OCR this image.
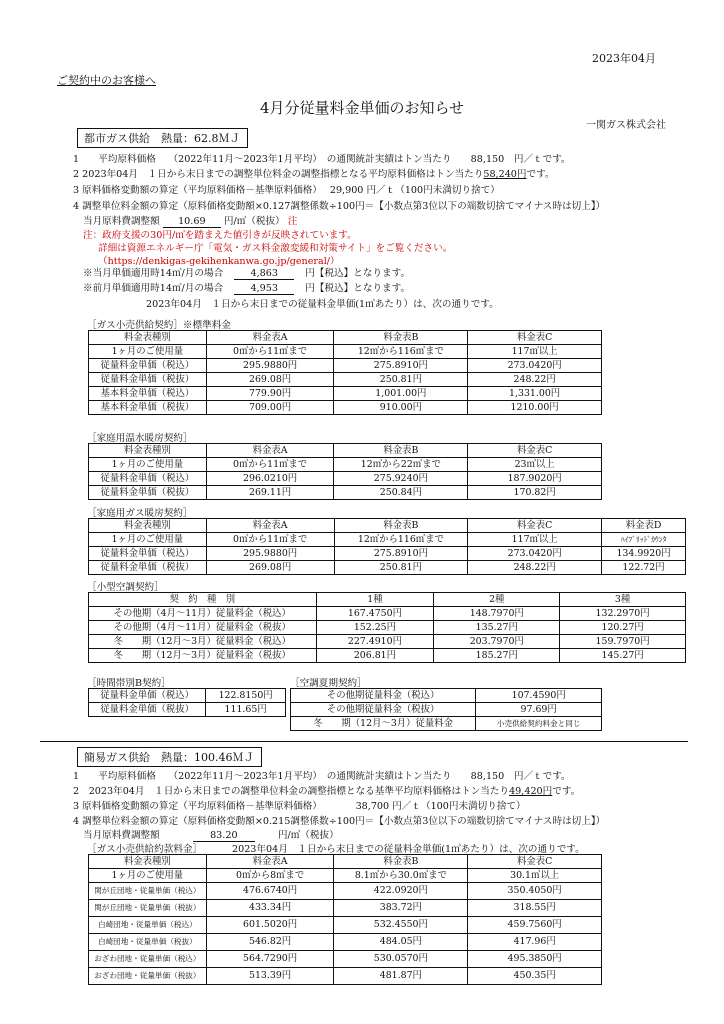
2023年04月
ご契約中のお客様へ
4月分従量料金単価のお知らせ
一関ガス株式会社
都市ガス供給　熱量：62.8ＭＪ
1　　平均原料価格　 （2022年11月～2023年1月平均）　の通関統計実績はトン当たり　　88,150　円／ｔです。
2 2023年04月　１日から末日までの調整単位料金の調整指標となる平均原料価格はトン当たり58,240円です。
3 原料価格変動額の算定（平均原料価格－基準原料価格）　 29,900 円／ｔ（100円未満切り捨て）
4 調整単位料金額の算定（原料価格変動額×0.127調整係数÷100円＝【小数点第3位以下の端数切捨てマイナス時は切上】）
当月原料費調整額 10.69 円/㎥（税抜） 注
注：政府支援の30円/㎥を踏まえた値引きが反映されています。
詳細は資源エネルギー庁「電気・ガス料金激変緩和対策サイト」をご覧ください。
（https://denkigas-gekihenkanwa.go.jp/general/）
※当月単価適用時14㎥/月の場合	4,863	円【税込】となります。
※前月単価適用時14㎥/月の場合	4,953	円【税込】となります。
2023年04月　１日から末日までの従量料金単価(1㎥あたり）は、次の通りです。
［ガス小売供給契約］※標準料金
料金表種別	料金表A	料金表B	料金表C
1ヶ月のご使用量	0㎥から11㎥まで	12㎥から116㎥まで	117㎥以上
従量料金単価（税込）	295.9880円	275.8910円	273.0420円
従量料金単価（税抜）	269.08円	250.81円	248.22円
基本料金単価（税込）	779.90円	1,001.00円	1,331.00円
基本料金単価（税抜）	709.00円	910.00円	1210.00円
［家庭用温水暖房契約］
料金表種別	料金表A	料金表B	料金表C
1ヶ月のご使用量	0㎥から11㎥まで	12㎥から22㎥まで	23㎥以上
従量料金単価（税込）	296.0210円	275.9240円	187.9020円
従量料金単価（税抜）	269.11円	250.84円	170.82円
［家庭用ガス暖房契約］
料金表種別	料金表A	料金表B	料金表C	料金表D
1ヶ月のご使用量	0㎥から11㎥まで	12㎥から116㎥まで	117㎥以上	ﾊｲﾌﾞﾘｯﾄﾞｶｳﾝﾀ
従量料金単価（税込）	295.9880円	275.8910円	273.0420円	134.9920円
従量料金単価（税抜）	269.08円	250.81円	248.22円	122.72円
［小型空調契約］
契　約　種　別	1種	2種	3種
その他期（4月～11月）従量料金（税込）	167.4750円	148.7970円	132.2970円
その他期（4月～11月）従量料金（税抜）	152.25円	135.27円	120.27円
冬　　期（12月～3月）従量料金（税込）	227.4910円	203.7970円	159.7970円
冬　　期（12月～3月）従量料金（税抜）	206.81円	185.27円	145.27円
［時間帯別B契約］
従量料金単価（税込）	122.8150円
従量料金単価（税抜）	111.65円
［空調夏期契約］
その他期従量料金（税込）	107.4590円
その他期従量料金（税抜）	97.69円
冬　　期（12月～3月）従量料金	小売供給契約料金と同じ
簡易ガス供給　熱量：100.46ＭＪ
1　　平均原料価格　 （2022年11月～2023年1月平均）　の通関統計実績はトン当たり　　88,150　円／ｔです。
2　2023年04月　１日から末日までの調整単位料金の調整指標となる基準平均原料価格はトン当たり49,420円です。
3 原料価格変動額の算定（平均原料価格－基準原料価格）　　　　38,700 円／ｔ（100円未満切り捨て）
4 調整単位料金額の算定（原料価格変動額×0.215調整係数÷100円＝【小数点第3位以下の端数切捨てマイナス時は切上】）
当月原料費調整額	83.20	円/㎥（税抜）
［ガス小売供給約款料金］	2023年04月　１日から末日までの従量料金単価(1㎥あたり）は、次の通りです。
料金表種別	料金表A	料金表B	料金表C
1ヶ月のご使用量	0㎥から8㎥まで	8.1㎥から30.0㎥まで	30.1㎥以上
関が丘団地・従量単価（税込）	476.6740円	422.0920円	350.4050円
関が丘団地・従量単価（税抜）	433.34円	383.72円	318.55円
白崎団地・従量単価（税込）	601.5020円	532.4550円	459.7560円
白崎団地・従量単価（税抜）	546.82円	484.05円	417.96円
おざわ団地・従量単価（税込）	564.7290円	530.0570円	495.3850円
おざわ団地・従量単価（税抜）	513.39円	481.87円	450.35円
